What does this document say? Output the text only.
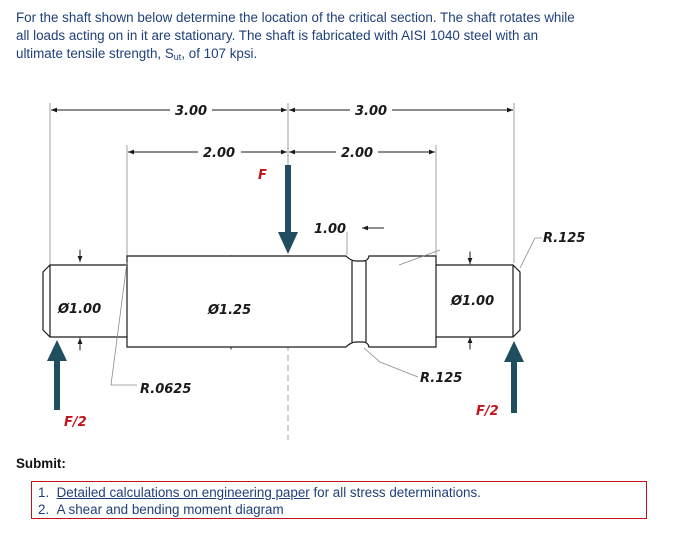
For the shaft shown below determine the location of the critical section. The shaft rotates while
all loads acting on in it are stationary. The shaft is fabricated with AISI 1040 steel with an
ultimate tensile strength, $S_{ut}$, of 107 kpsi.

3.00	3.00
2.00	2.00
1.00
Ø1.00	Ø1.25
Ø1.00
R.0625
R.125
R.125
F
F/2
F/2
Submit:
1. Detailed calculations on engineering paper for all stress determinations.
2. A shear and bending moment diagram
